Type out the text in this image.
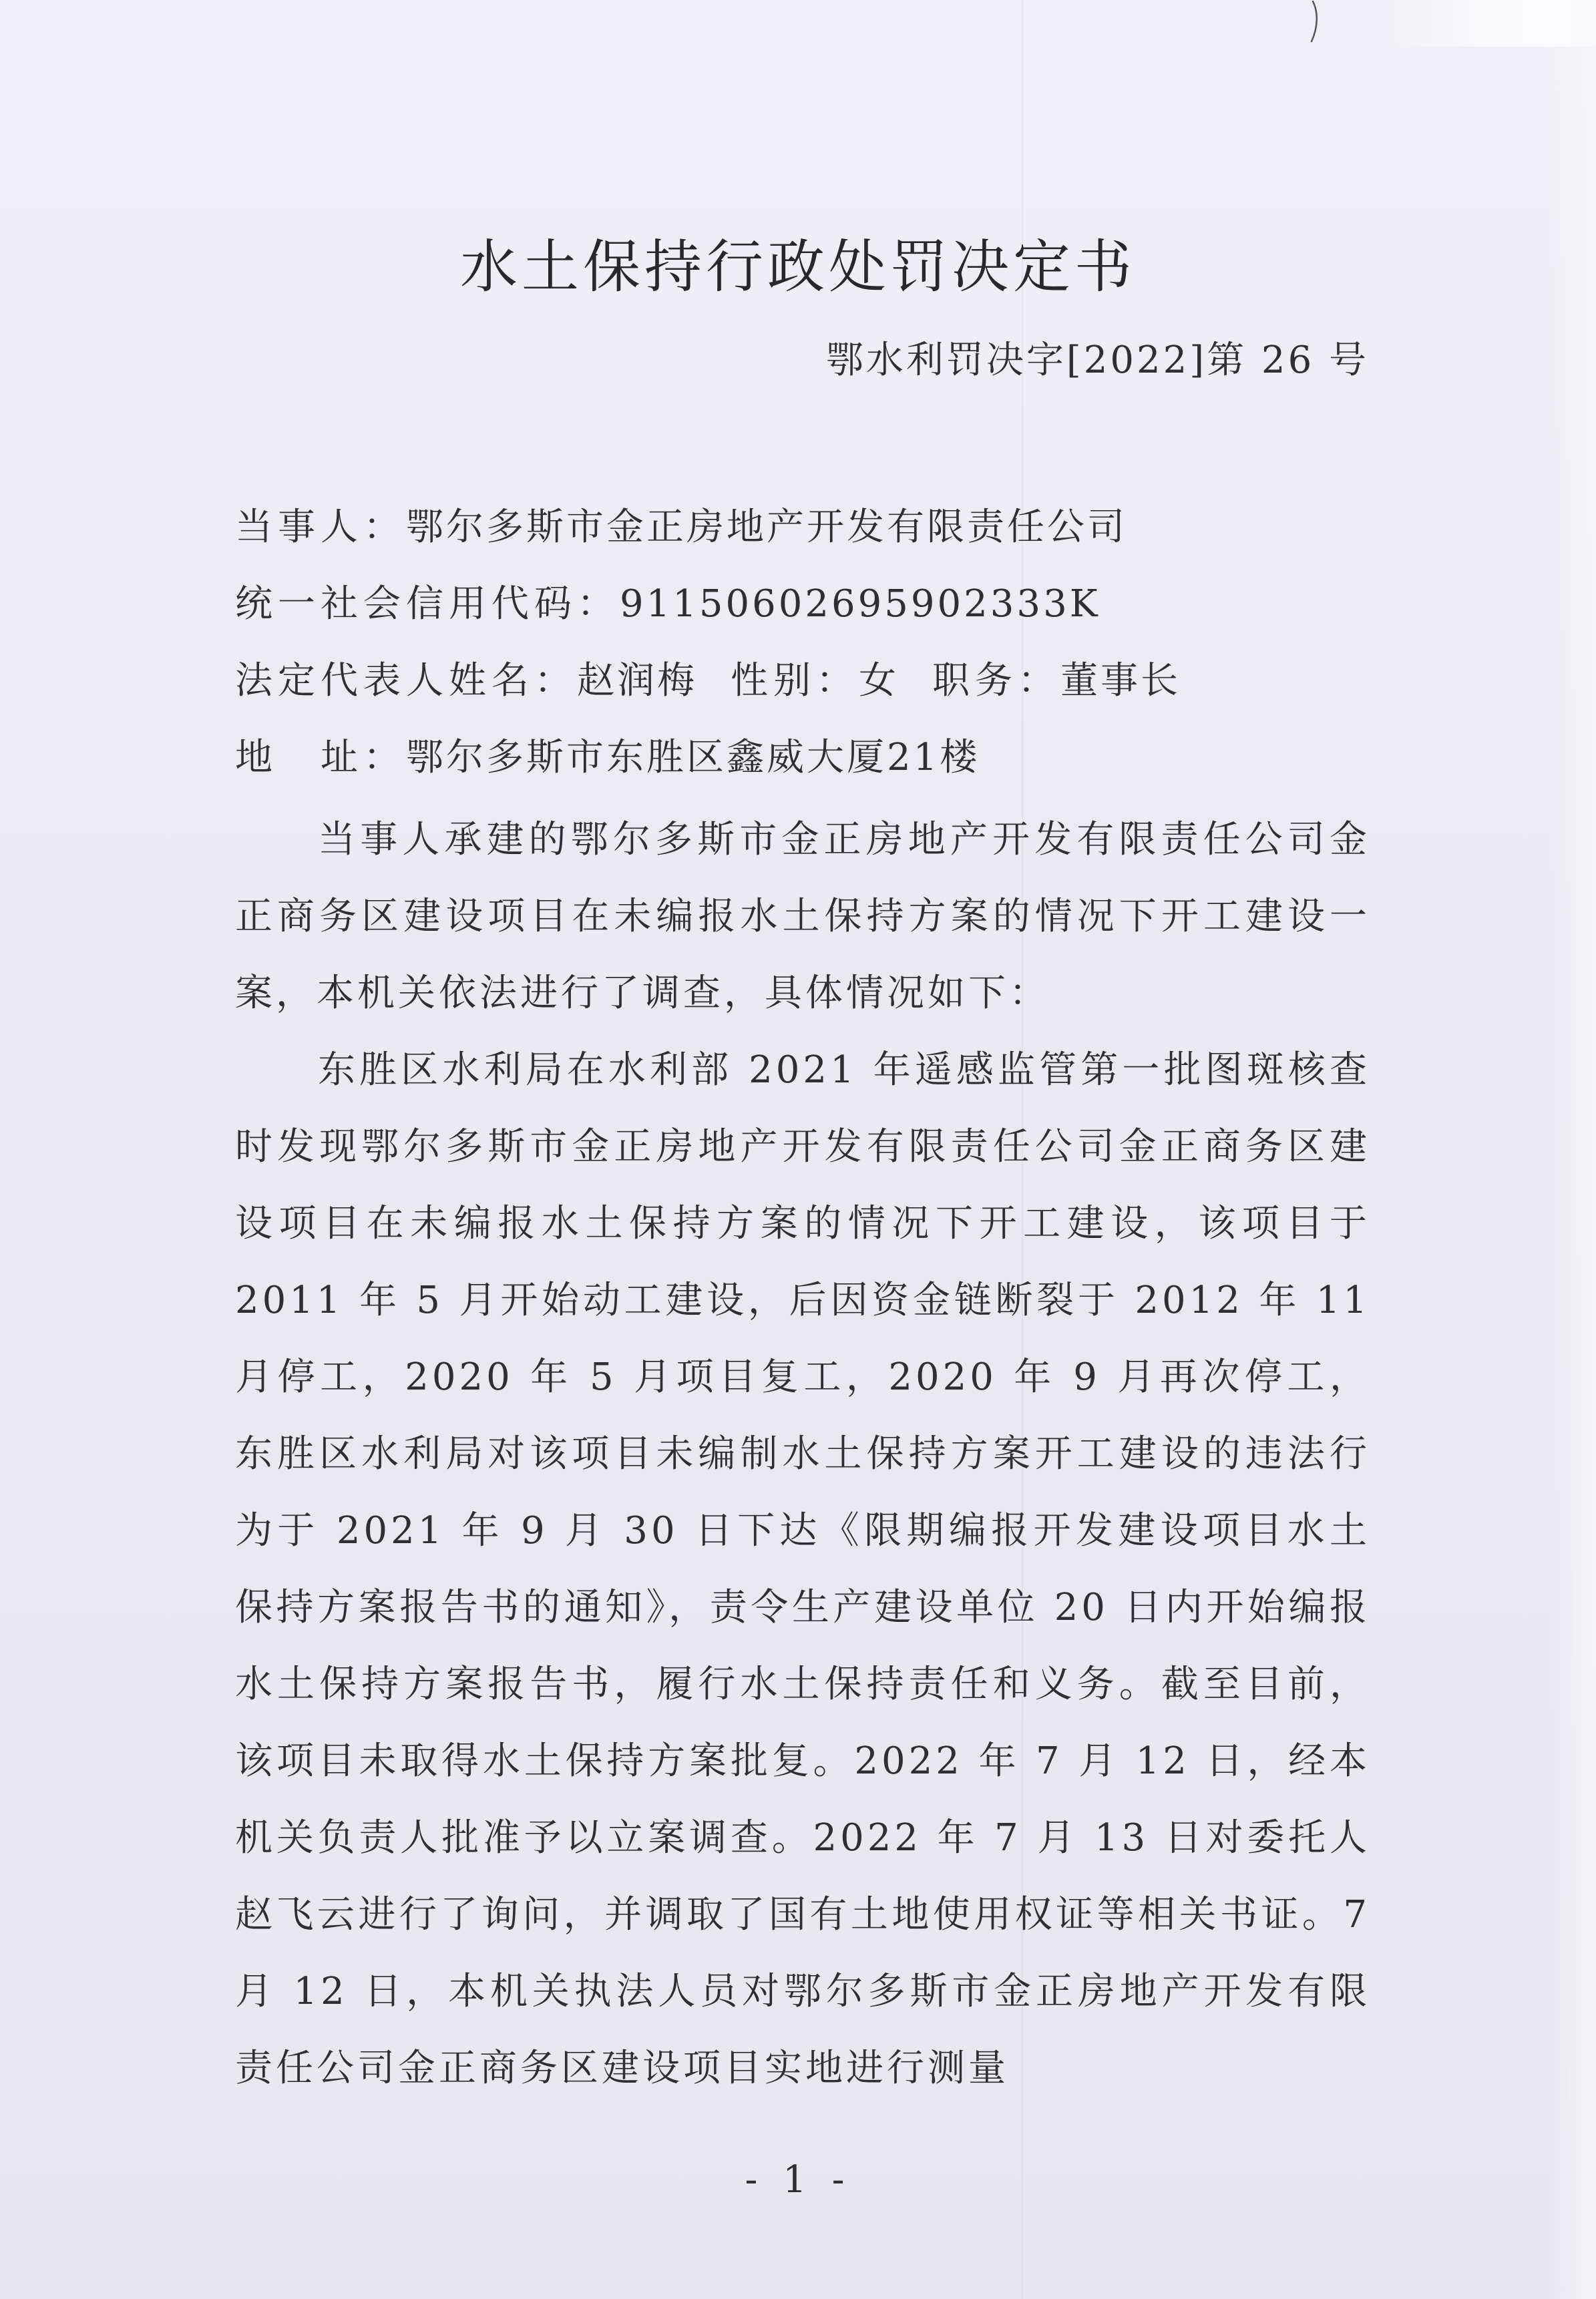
水土保持行政处罚决定书
鄂水利罚决字[2022]第 26 号
当事人：鄂尔多斯市金正房地产开发有限责任公司
统一社会信用代码：91150602695902333K
法定代表人姓名：赵润梅 性别：女 职务：董事长
地　址：鄂尔多斯市东胜区鑫威大厦21楼

当事人承建的鄂尔多斯市金正房地产开发有限责任公司金正商务区建设项目在未编报水土保持方案的情况下开工建设一案，本机关依法进行了调查，具体情况如下：

东胜区水利局在水利部 2021 年遥感监管第一批图斑核查时发现鄂尔多斯市金正房地产开发有限责任公司金正商务区建设项目在未编报水土保持方案的情况下开工建设，该项目于 2011 年 5 月开始动工建设，后因资金链断裂于 2012 年 11 月停工，2020 年 5 月项目复工，2020 年 9 月再次停工，东胜区水利局对该项目未编制水土保持方案开工建设的违法行为于 2021 年 9 月 30 日下达《限期编报开发建设项目水土保持方案报告书的通知》，责令生产建设单位 20 日内开始编报水土保持方案报告书，履行水土保持责任和义务。截至目前，该项目未取得水土保持方案批复。2022 年 7 月 12 日，经本机关负责人批准予以立案调查。2022 年 7 月 13 日对委托人赵飞云进行了询问，并调取了国有土地使用权证等相关书证。7 月 12 日，本机关执法人员对鄂尔多斯市金正房地产开发有限责任公司金正商务区建设项目实地进行测量

- 1 -
